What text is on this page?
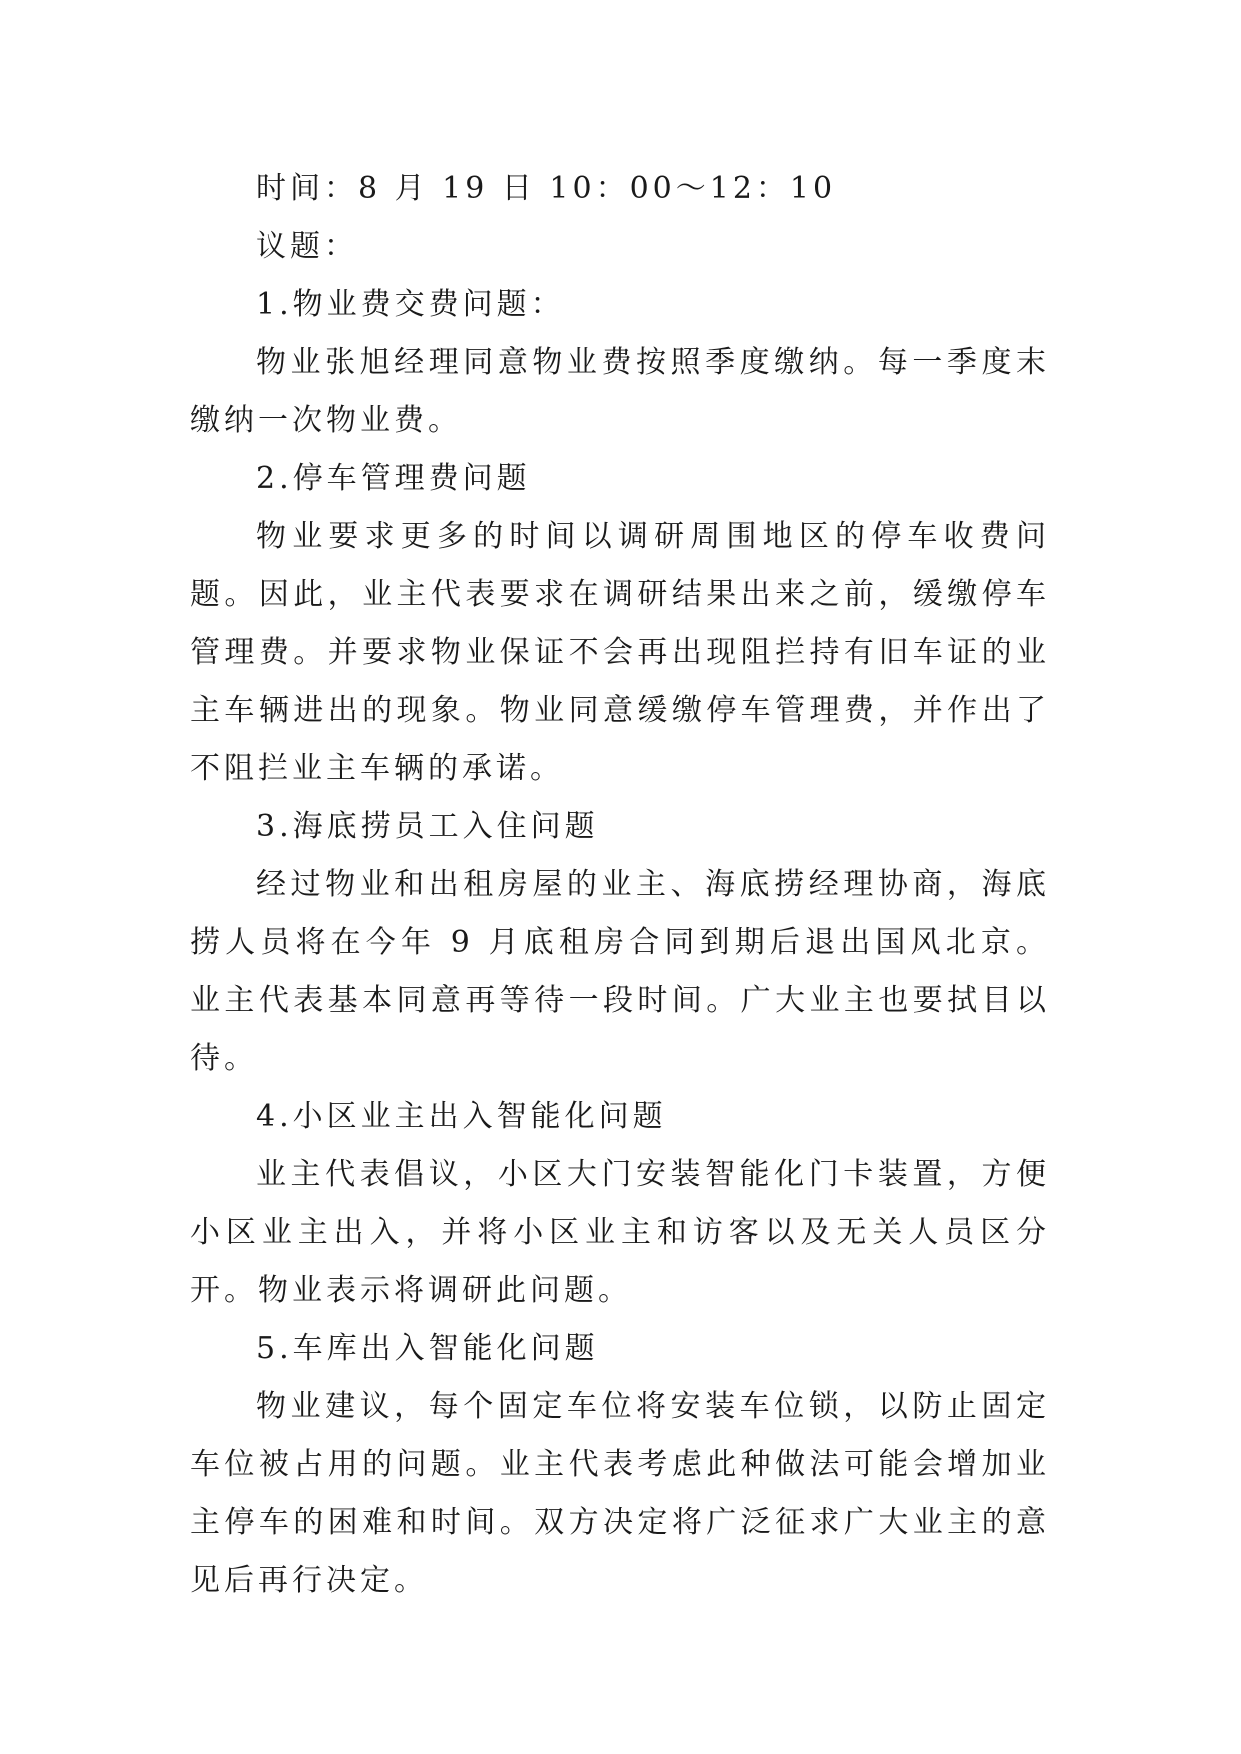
时间：8 月 19 日 10：00～12：10

议题：

1.物业费交费问题：

物业张旭经理同意物业费按照季度缴纳。每一季度末缴纳一次物业费。

2.停车管理费问题

物业要求更多的时间以调研周围地区的停车收费问题。因此，业主代表要求在调研结果出来之前，缓缴停车管理费。并要求物业保证不会再出现阻拦持有旧车证的业主车辆进出的现象。物业同意缓缴停车管理费，并作出了不阻拦业主车辆的承诺。

3.海底捞员工入住问题

经过物业和出租房屋的业主、海底捞经理协商，海底捞人员将在今年 9 月底租房合同到期后退出国风北京。业主代表基本同意再等待一段时间。广大业主也要拭目以待。

4.小区业主出入智能化问题

业主代表倡议，小区大门安装智能化门卡装置，方便小区业主出入，并将小区业主和访客以及无关人员区分开。物业表示将调研此问题。

5.车库出入智能化问题

物业建议，每个固定车位将安装车位锁，以防止固定车位被占用的问题。业主代表考虑此种做法可能会增加业主停车的困难和时间。双方决定将广泛征求广大业主的意见后再行决定。
